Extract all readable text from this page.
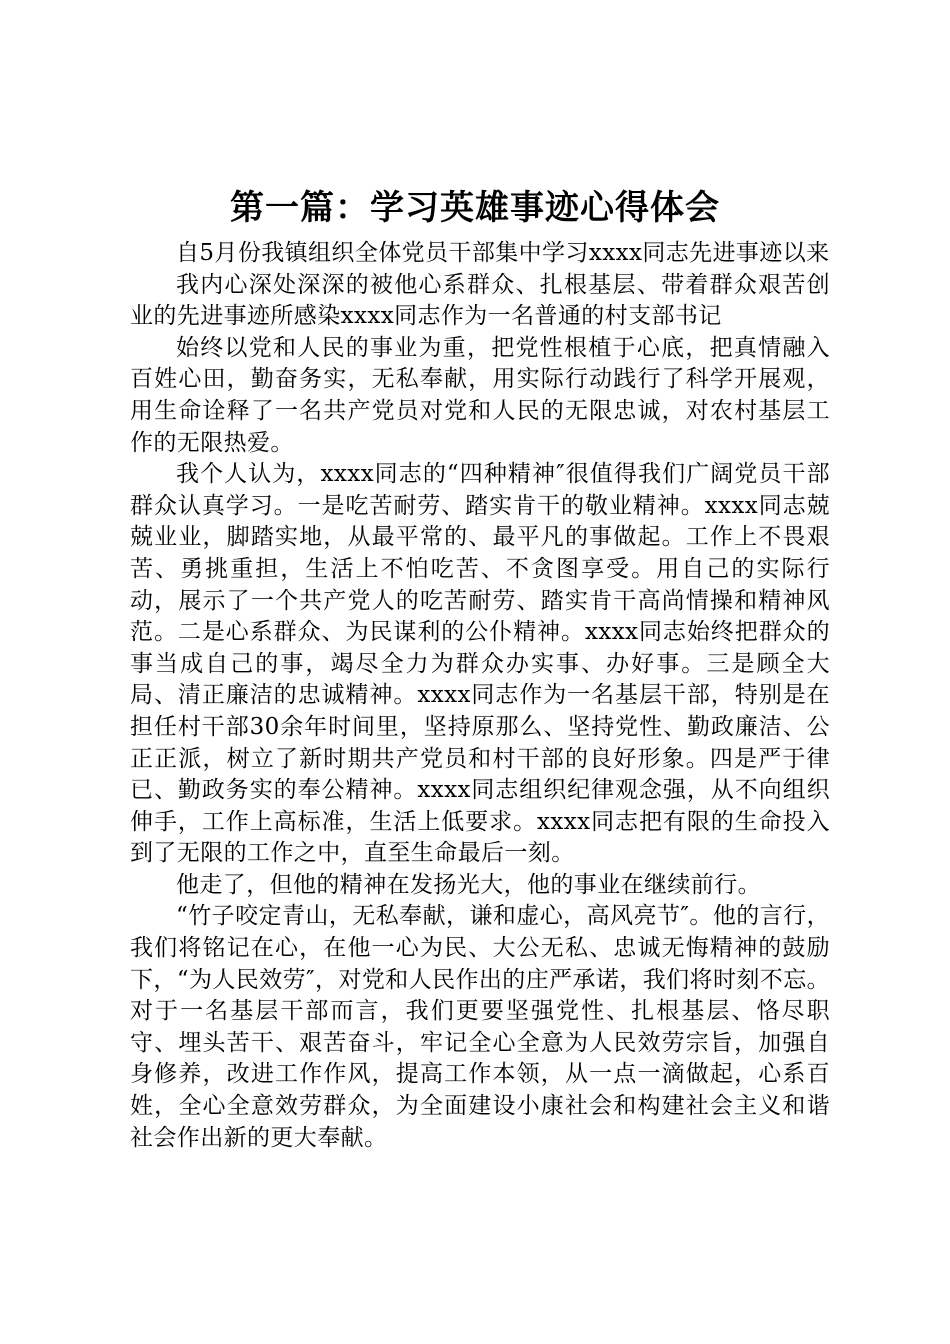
第一篇：学习英雄事迹心得体会

自5月份我镇组织全体党员干部集中学习xxxx同志先进事迹以来

我内心深处深深的被他心系群众、扎根基层、带着群众艰苦创业的先进事迹所感染xxxx同志作为一名普通的村支部书记

始终以党和人民的事业为重，把党性根植于心底，把真情融入百姓心田，勤奋务实，无私奉献，用实际行动践行了科学开展观，用生命诠释了一名共产党员对党和人民的无限忠诚，对农村基层工作的无限热爱。

我个人认为，xxxx同志的“四种精神″很值得我们广阔党员干部群众认真学习。一是吃苦耐劳、踏实肯干的敬业精神。xxxx同志兢兢业业，脚踏实地，从最平常的、最平凡的事做起。工作上不畏艰苦、勇挑重担，生活上不怕吃苦、不贪图享受。用自己的实际行动，展示了一个共产党人的吃苦耐劳、踏实肯干高尚情操和精神风范。二是心系群众、为民谋利的公仆精神。xxxx同志始终把群众的事当成自己的事，竭尽全力为群众办实事、办好事。三是顾全大局、清正廉洁的忠诚精神。xxxx同志作为一名基层干部，特别是在担任村干部30余年时间里，坚持原那么、坚持党性、勤政廉洁、公正正派，树立了新时期共产党员和村干部的良好形象。四是严于律已、勤政务实的奉公精神。xxxx同志组织纪律观念强，从不向组织伸手，工作上高标准，生活上低要求。xxxx同志把有限的生命投入到了无限的工作之中，直至生命最后一刻。

他走了，但他的精神在发扬光大，他的事业在继续前行。

“竹子咬定青山，无私奉献，谦和虚心，高风亮节″。他的言行，我们将铭记在心，在他一心为民、大公无私、忠诚无悔精神的鼓励下，“为人民效劳″，对党和人民作出的庄严承诺，我们将时刻不忘。对于一名基层干部而言，我们更要坚强党性、扎根基层、恪尽职守、埋头苦干、艰苦奋斗，牢记全心全意为人民效劳宗旨，加强自身修养，改进工作作风，提高工作本领，从一点一滴做起，心系百姓，全心全意效劳群众，为全面建设小康社会和构建社会主义和谐社会作出新的更大奉献。
